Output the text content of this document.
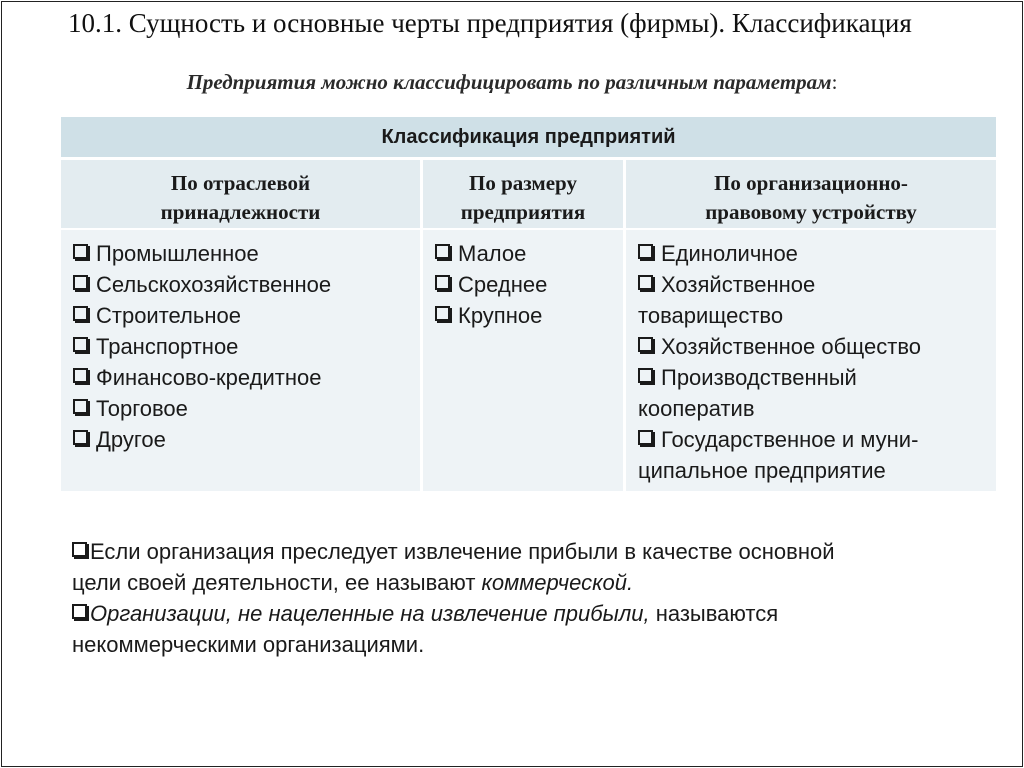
10.1. Сущность и основные черты предприятия (фирмы). Классификация
Предприятия можно классифицировать по различным параметрам:
Классификация предприятий
По отраслевой
принадлежности
По размеру
предприятия
По организационно-
правовому устройству
Промышленное
Сельскохозяйственное
Строительное
Транспортное
Финансово-кредитное
Торговое
Другое
Малое
Среднее
Крупное
Единоличное
Хозяйственное
товарищество
Хозяйственное общество
Производственный
кооператив
Государственное и муни-
ципальное предприятие
Если организация преследует извлечение прибыли в качестве основной
цели своей деятельности, ее называют коммерческой.
Организации, не нацеленные на извлечение прибыли, называются
некоммерческими организациями.
